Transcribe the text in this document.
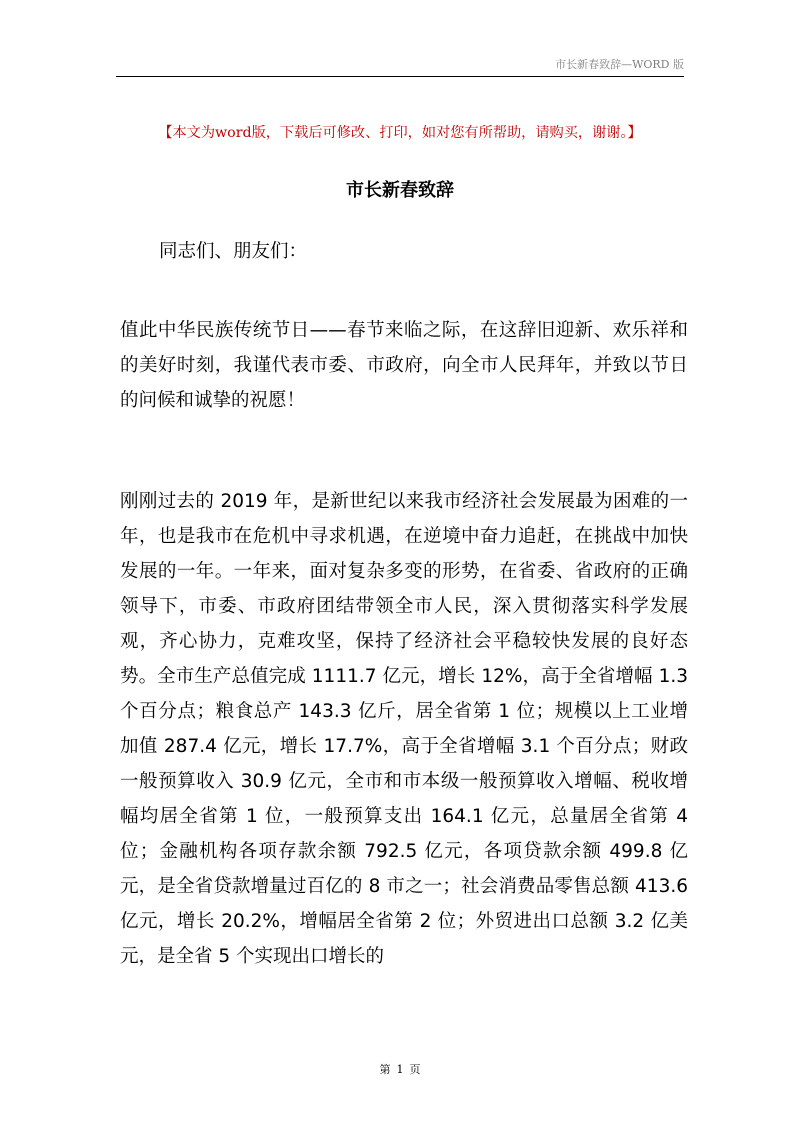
市长新春致辞—WORD 版
【本文为word版，下载后可修改、打印，如对您有所帮助，请购买，谢谢。】
市长新春致辞
同志们、朋友们：

值此中华民族传统节日——春节来临之际，在这辞旧迎新、欢乐祥和的美好时刻，我谨代表市委、市政府，向全市人民拜年，并致以节日的问候和诚挚的祝愿！

刚刚过去的 2019 年，是新世纪以来我市经济社会发展最为困难的一年，也是我市在危机中寻求机遇，在逆境中奋力追赶，在挑战中加快发展的一年。一年来，面对复杂多变的形势，在省委、省政府的正确领导下，市委、市政府团结带领全市人民，深入贯彻落实科学发展观，齐心协力，克难攻坚，保持了经济社会平稳较快发展的良好态势。全市生产总值完成 1111.7 亿元，增长 12%，高于全省增幅 1.3 个百分点；粮食总产 143.3 亿斤，居全省第 1 位；规模以上工业增加值 287.4 亿元，增长 17.7%，高于全省增幅 3.1 个百分点；财政一般预算收入 30.9 亿元，全市和市本级一般预算收入增幅、税收增幅均居全省第 1 位，一般预算支出 164.1 亿元，总量居全省第 4 位；金融机构各项存款余额 792.5 亿元，各项贷款余额 499.8 亿元，是全省贷款增量过百亿的 8 市之一；社会消费品零售总额 413.6 亿元，增长 20.2%，增幅居全省第 2 位；外贸进出口总额 3.2 亿美元，是全省 5 个实现出口增长的

第 1 页
